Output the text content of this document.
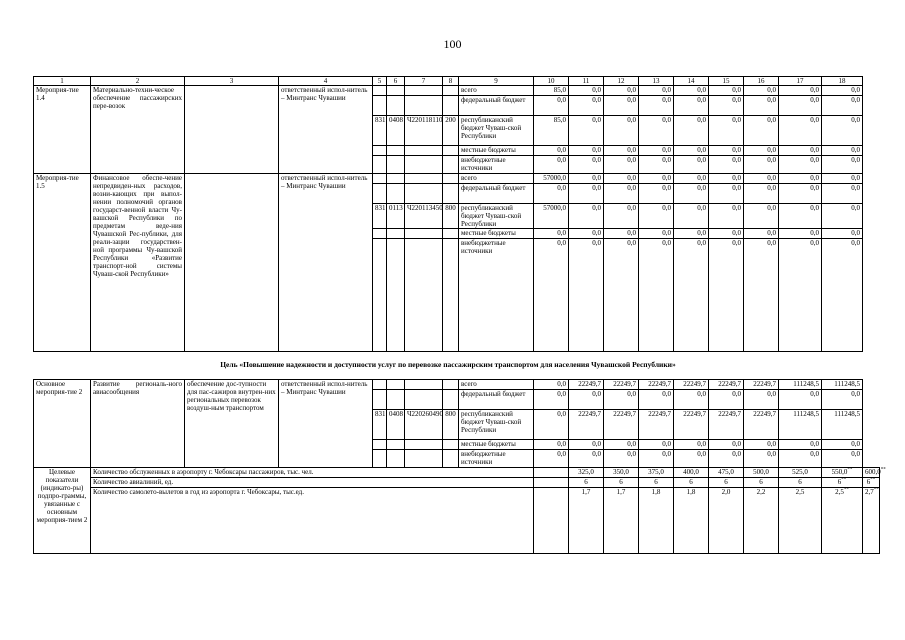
100
1	2	3	4	5	6	7	8	9	10	11	12	13	14	15	16	17	18	
Мероприя-тие 1.4	Материально-техни-ческое обеспечение пассажирских пере-возок		ответственный испол-нитель – Минтранс Чувашии					всего	85,0	0,0	0,0	0,0	0,0	0,0	0,0	0,0	0,0	
								федеральный бюджет	0,0	0,0	0,0	0,0	0,0	0,0	0,0	0,0	0,0	
				831	0408	Ч220118110	200	республиканский бюджет Чуваш-ской Республики	85,0	0,0	0,0	0,0	0,0	0,0	0,0	0,0	0,0	
								местные бюджеты	0,0	0,0	0,0	0,0	0,0	0,0	0,0	0,0	0,0	
								внебюджетные источники	0,0	0,0	0,0	0,0	0,0	0,0	0,0	0,0	0,0	
Мероприя-тие 1.5	Финансовое обеспе-чение непредвиден-ных расходов, возни-кающих при выпол-нении полномочий органов государст-венной власти Чу-вашской Республики по предметам веде-ния Чувашской Рес-публики, для реали-зации государствен-ной программы Чу-вашской Республики «Развитие транспорт-ной системы Чуваш-ской Республики»		ответственный испол-нитель – Минтранс Чувашии					всего	57000,0	0,0	0,0	0,0	0,0	0,0	0,0	0,0	0,0	
								федеральный бюджет	0,0	0,0	0,0	0,0	0,0	0,0	0,0	0,0	0,0	
				831	0113	Ч220113450	800	республиканский бюджет Чуваш-ской Республики	57000,0	0,0	0,0	0,0	0,0	0,0	0,0	0,0	0,0	
								местные бюджеты	0,0	0,0	0,0	0,0	0,0	0,0	0,0	0,0	0,0	
								внебюджетные источники	0,0	0,0	0,0	0,0	0,0	0,0	0,0	0,0	0,0	
Цель «Повышение надежности и доступности услуг по перевозке пассажирским транспортом для населения Чувашской Республики»																		
Основное мероприя-тие 2	Развитие региональ-ного авиасообщения	обеспечение дос-тупности для пас-сажиров внутрен-них региональных перевозок воздуш-ным транспортом	ответственный испол-нитель – Минтранс Чувашии					всего	0,0	22249,7	22249,7	22249,7	22249,7	22249,7	22249,7	111248,5	111248,5	
								федеральный бюджет	0,0	0,0	0,0	0,0	0,0	0,0	0,0	0,0	0,0	
				831	0408	Ч220260490	800	республиканский бюджет Чуваш-ской Республики	0,0	22249,7	22249,7	22249,7	22249,7	22249,7	22249,7	111248,5	111248,5	
								местные бюджеты	0,0	0,0	0,0	0,0	0,0	0,0	0,0	0,0	0,0	
								внебюджетные источники	0,0	0,0	0,0	0,0	0,0	0,0	0,0	0,0	0,0	
Целевые показатели (индикато-ры) подпро-граммы, увязанные с основным мероприя-тием 2	Количество обслуженных в аэропорту г. Чебоксары пассажиров, тыс. чел.									325,0	350,0	375,0	400,0	475,0	500,0	525,0	550,0**	600,0**
	Количество авиалиний, ед.									6	6	6	6	6	6	6	6**	6**
	Количество самолето-вылетов в год из аэропорта г. Чебоксары, тыс.ед.									1,7	1,7	1,8	1,8	2,0	2,2	2,5	2,5**	2,7**
